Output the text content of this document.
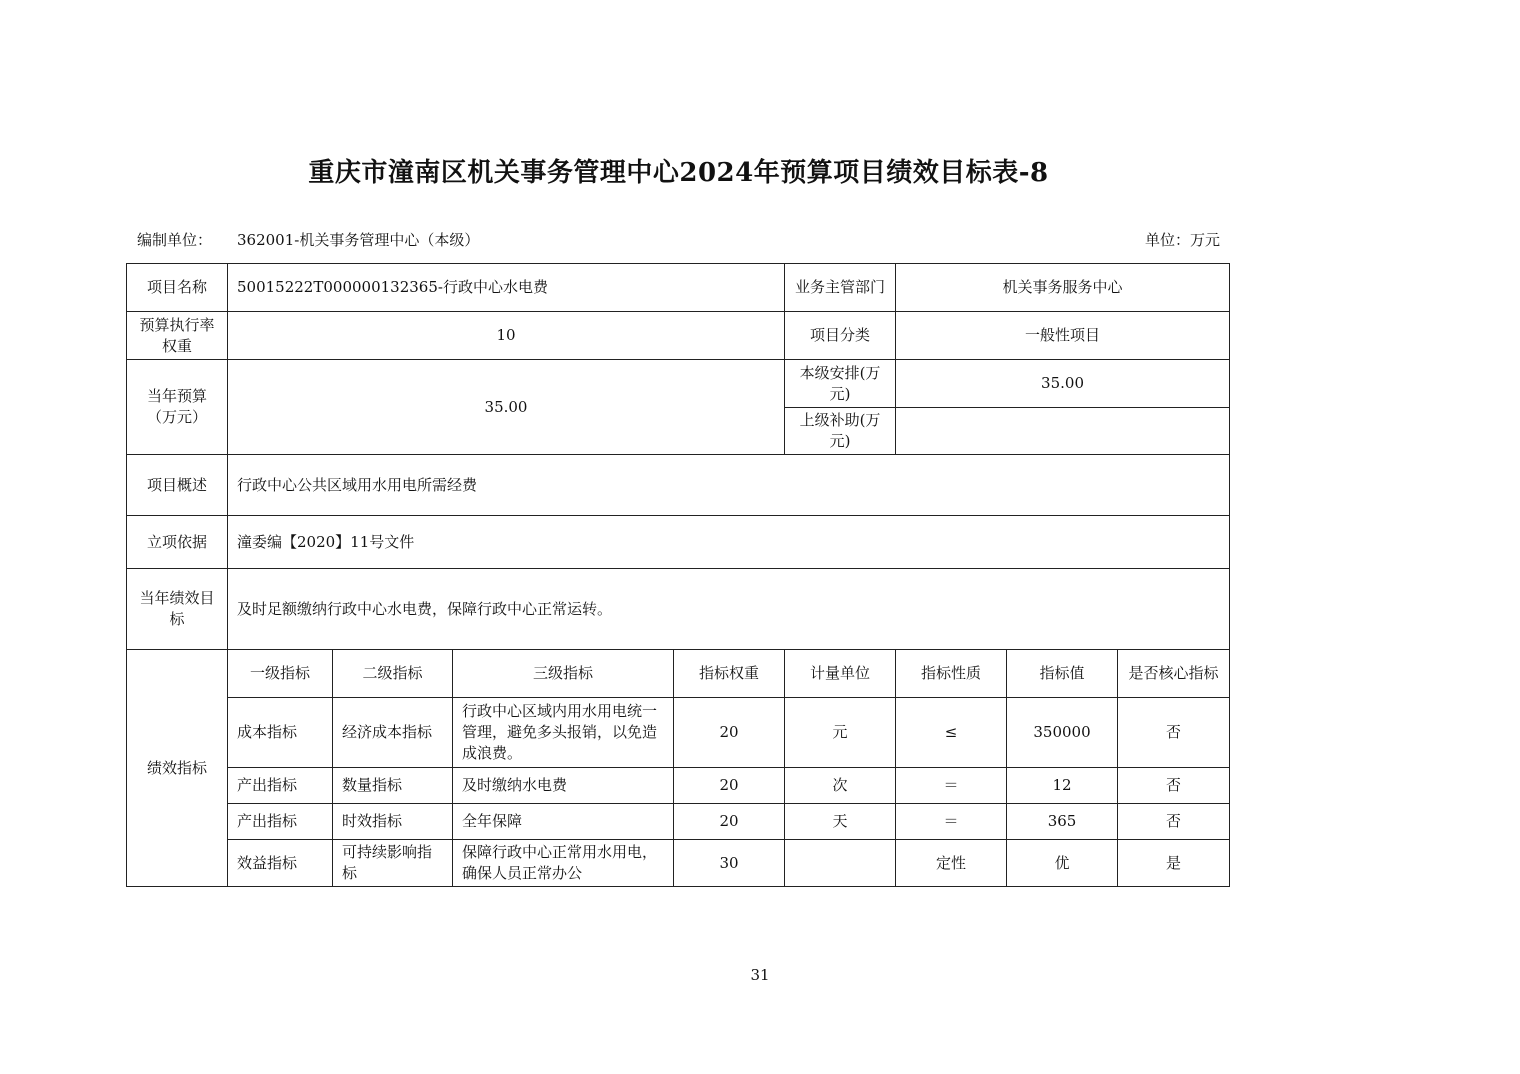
重庆市潼南区机关事务管理中心2024年预算项目绩效目标表-8
编制单位： 362001-机关事务管理中心（本级）	单位：万元
项目名称	50015222T000000132365-行政中心水电费				业务主管部门	机关事务服务中心		
预算执行率权重	10				项目分类	一般性项目		
当年预算（万元）	35.00				本级安排(万元)	35.00		
					上级补助(万元)			
项目概述	行政中心公共区域用水用电所需经费							
立项依据	潼委编【2020】11号文件							
当年绩效目标	及时足额缴纳行政中心水电费，保障行政中心正常运转。							
绩效指标	一级指标	二级指标	三级指标	指标权重	计量单位	指标性质	指标值	是否核心指标
	成本指标	经济成本指标	行政中心区域内用水用电统一管理，避免多头报销，以免造成浪费。	20	元	≤	350000	否
	产出指标	数量指标	及时缴纳水电费	20	次	＝	12	否
	产出指标	时效指标	全年保障	20	天	＝	365	否
	效益指标	可持续影响指标	保障行政中心正常用水用电，确保人员正常办公	30		定性	优	是
31
